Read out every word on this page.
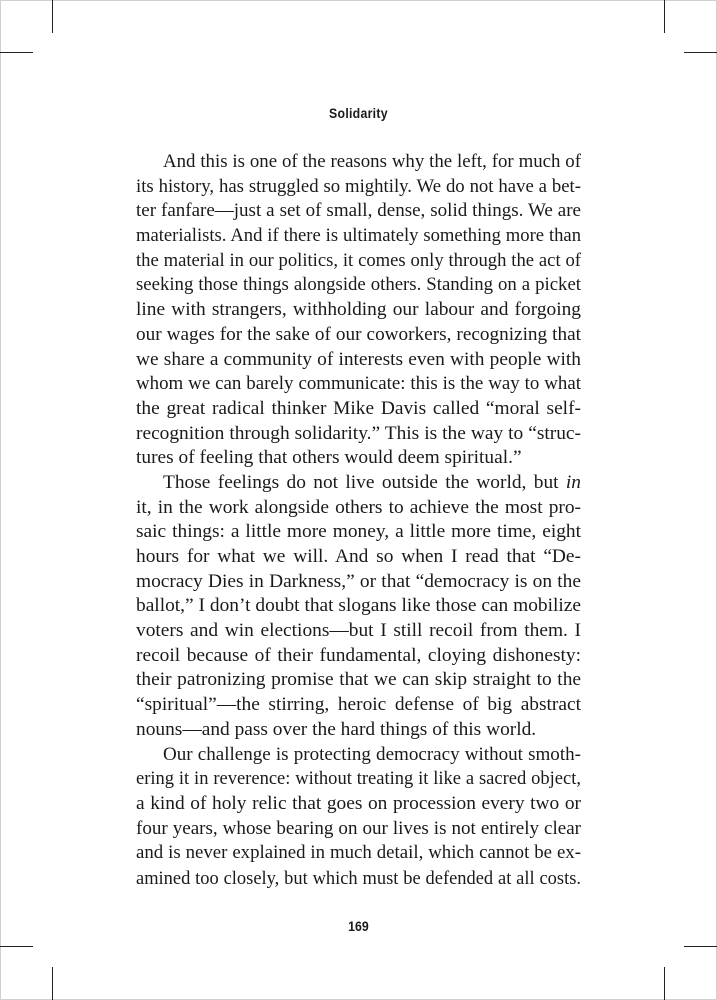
Solidarity
And this is one of the reasons why the left, for much of
its history, has struggled so mightily. We do not have a bet-
ter fanfare—just a set of small, dense, solid things. We are
materialists. And if there is ultimately something more than
the material in our politics, it comes only through the act of
seeking those things alongside others. Standing on a picket
line with strangers, withholding our labour and forgoing
our wages for the sake of our coworkers, recognizing that
we share a community of interests even with people with
whom we can barely communicate: this is the way to what
the great radical thinker Mike Davis called “moral self-
recognition through solidarity.” This is the way to “struc-
tures of feeling that others would deem spiritual.”
Those feelings do not live outside the world, but in
it, in the work alongside others to achieve the most pro-
saic things: a little more money, a little more time, eight
hours for what we will. And so when I read that “De-
mocracy Dies in Darkness,” or that “democracy is on the
ballot,” I don’t doubt that slogans like those can mobilize
voters and win elections—but I still recoil from them. I
recoil because of their fundamental, cloying dishonesty:
their patronizing promise that we can skip straight to the
“spiritual”—the stirring, heroic defense of big abstract
nouns—and pass over the hard things of this world.
Our challenge is protecting democracy without smoth-
ering it in reverence: without treating it like a sacred object,
a kind of holy relic that goes on procession every two or
four years, whose bearing on our lives is not entirely clear
and is never explained in much detail, which cannot be ex-
amined too closely, but which must be defended at all costs.
169
